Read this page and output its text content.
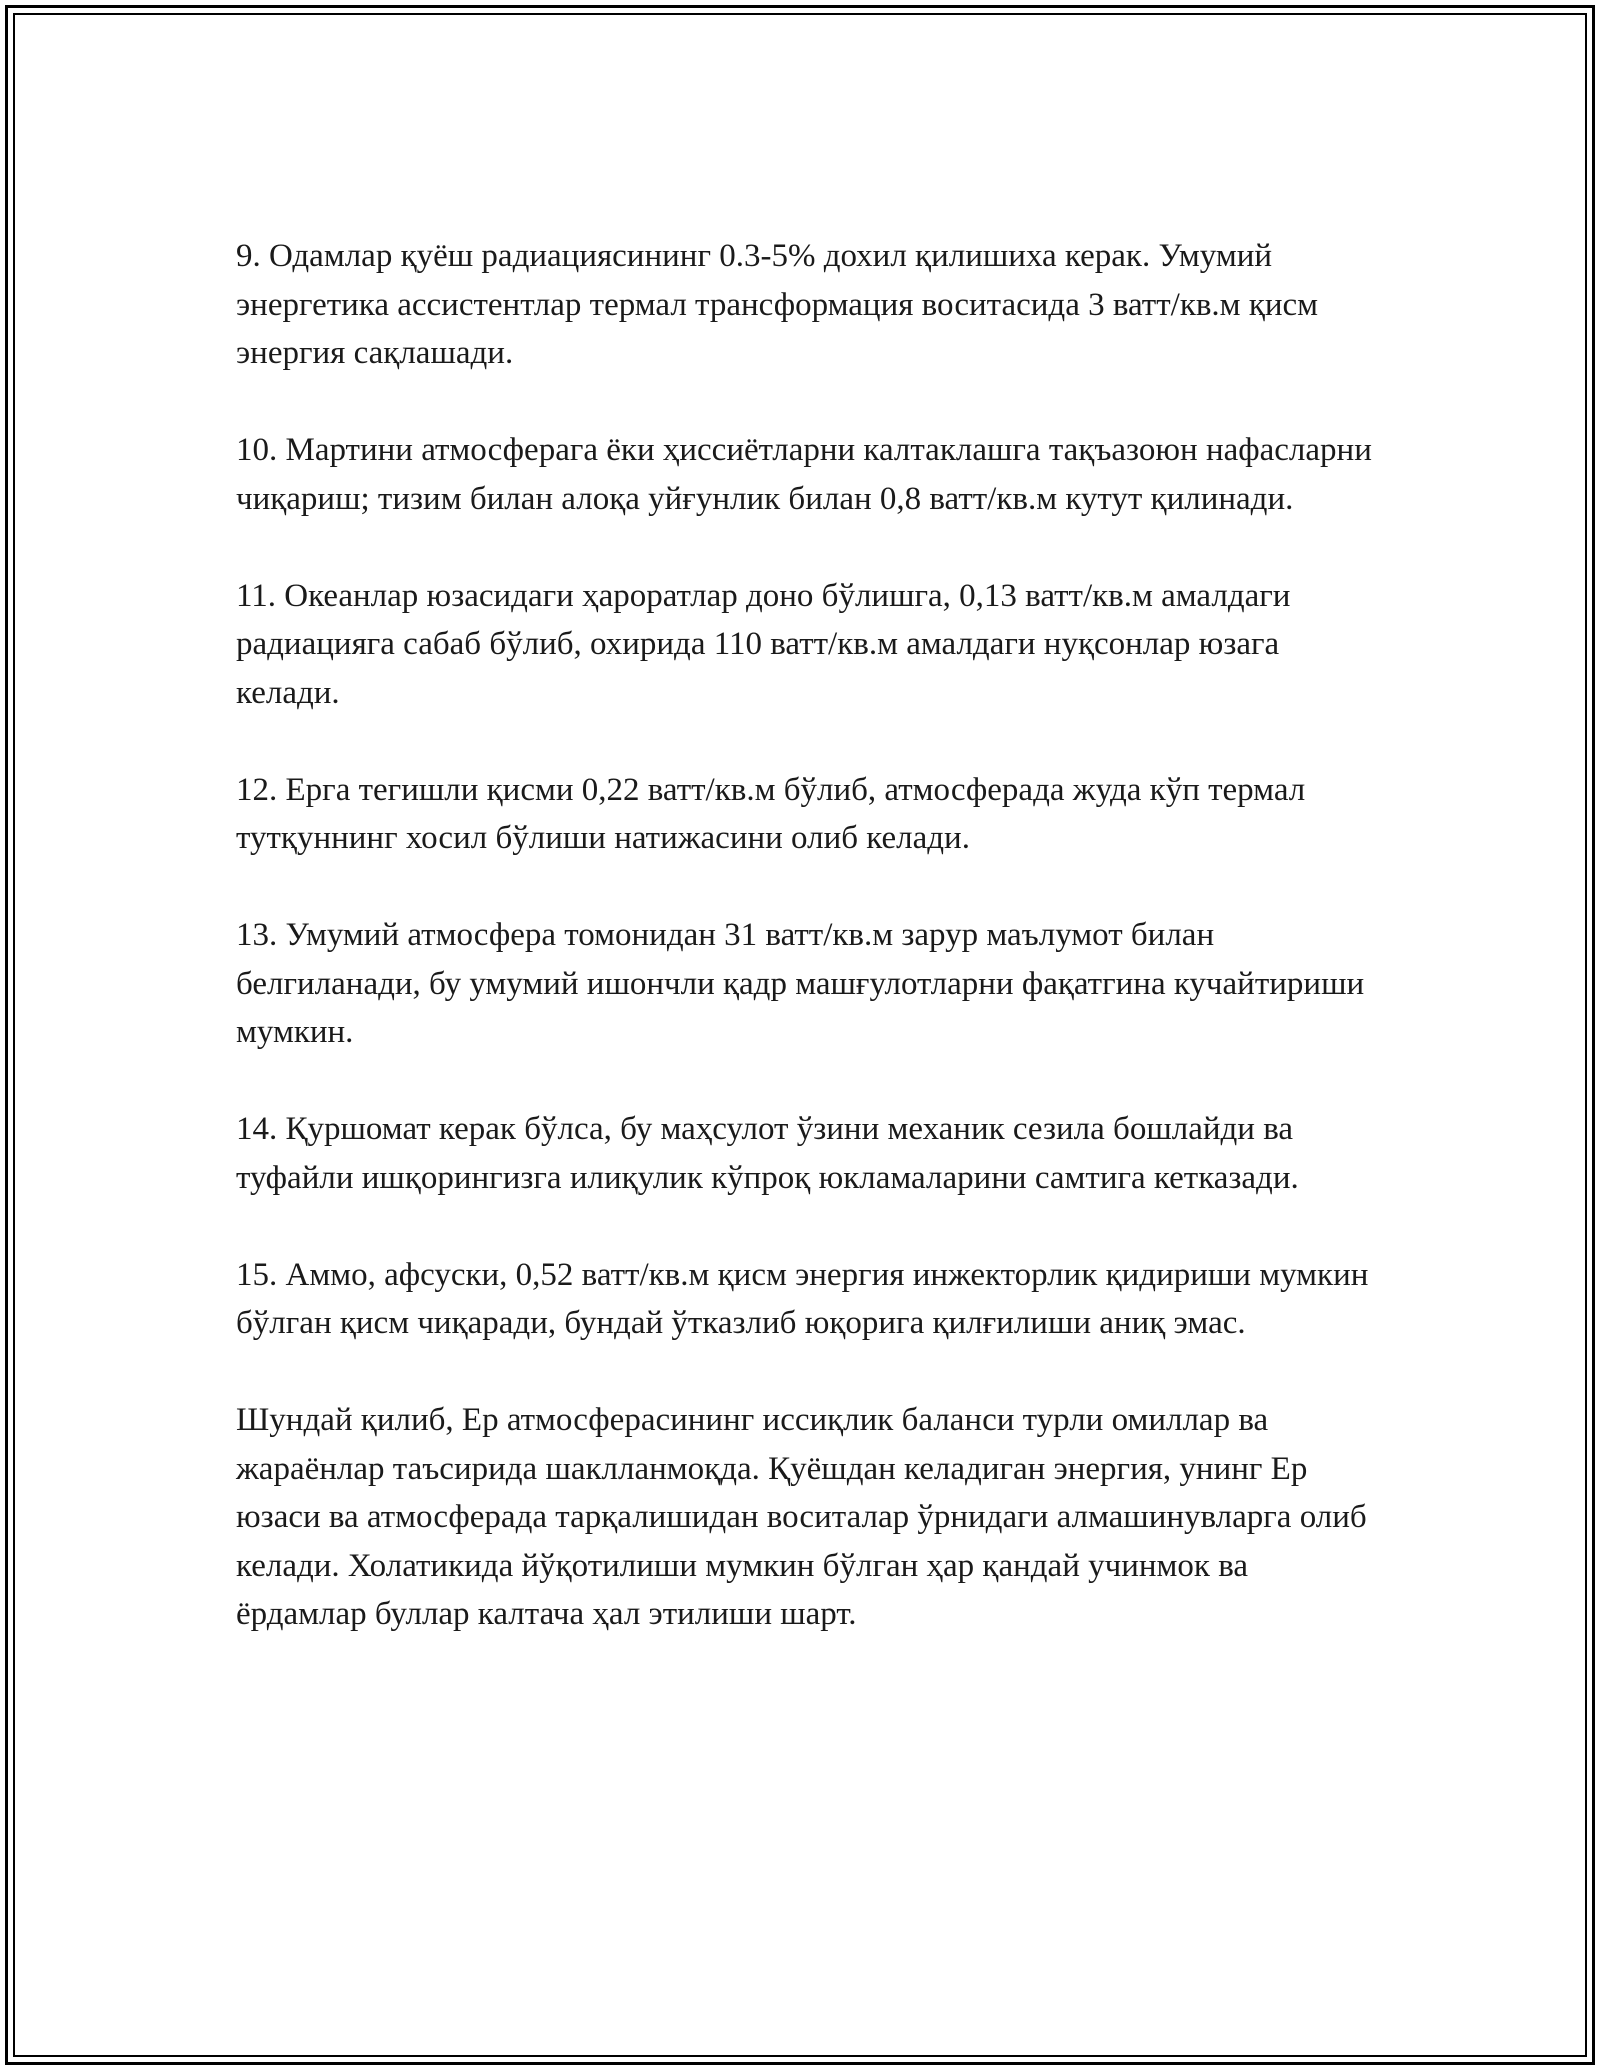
9. Одамлар қуёш радиациясининг 0.3-5% дохил қилишиха керак. Умумий энергетика ассистентлар термал трансформация воситасида 3 ватт/кв.м қисм энергия сақлашади.

10. Мартини атмосферага ёки ҳиссиётларни калтаклашга тақъазоюн нафасларни чиқариш; тизим билан алоқа уйғунлик билан 0,8 ватт/кв.м кутут қилинади.

11. Океанлар юзасидаги ҳароратлар доно бўлишга, 0,13 ватт/кв.м амалдаги радиацияга сабаб бўлиб, охирида 110 ватт/кв.м амалдаги нуқсонлар юзага келади.

12. Ерга тегишли қисми 0,22 ватт/кв.м бўлиб, атмосферада жуда кўп термал тутқуннинг хосил бўлиши натижасини олиб келади.

13. Умумий атмосфера томонидан 31 ватт/кв.м зарур маълумот билан белгиланади, бу умумий ишончли қадр машғулотларни фақатгина кучайтириши мумкин.

14. Қуршомат керак бўлса, бу маҳсулот ўзини механик сезила бошлайди ва туфайли ишқорингизга илиқулик кўпроқ юкламаларини самтига кетказади.

15. Аммо, афсуски, 0,52 ватт/кв.м қисм энергия инжекторлик қидириши мумкин бўлган қисм чиқаради, бундай ўтказлиб юқорига қилғилиши аниқ эмас.

Шундай қилиб, Ер атмосферасининг иссиқлик баланси турли омиллар ва жараёнлар таъсирида шаклланмоқда. Қуёшдан келадиган энергия, унинг Ер юзаси ва атмосферада тарқалишидан воситалар ўрнидаги алмашинувларга олиб келади. Холатикида йўқотилиши мумкин бўлган ҳар қандай учинмок ва ёрдамлар буллар калтача ҳал этилиши шарт.
